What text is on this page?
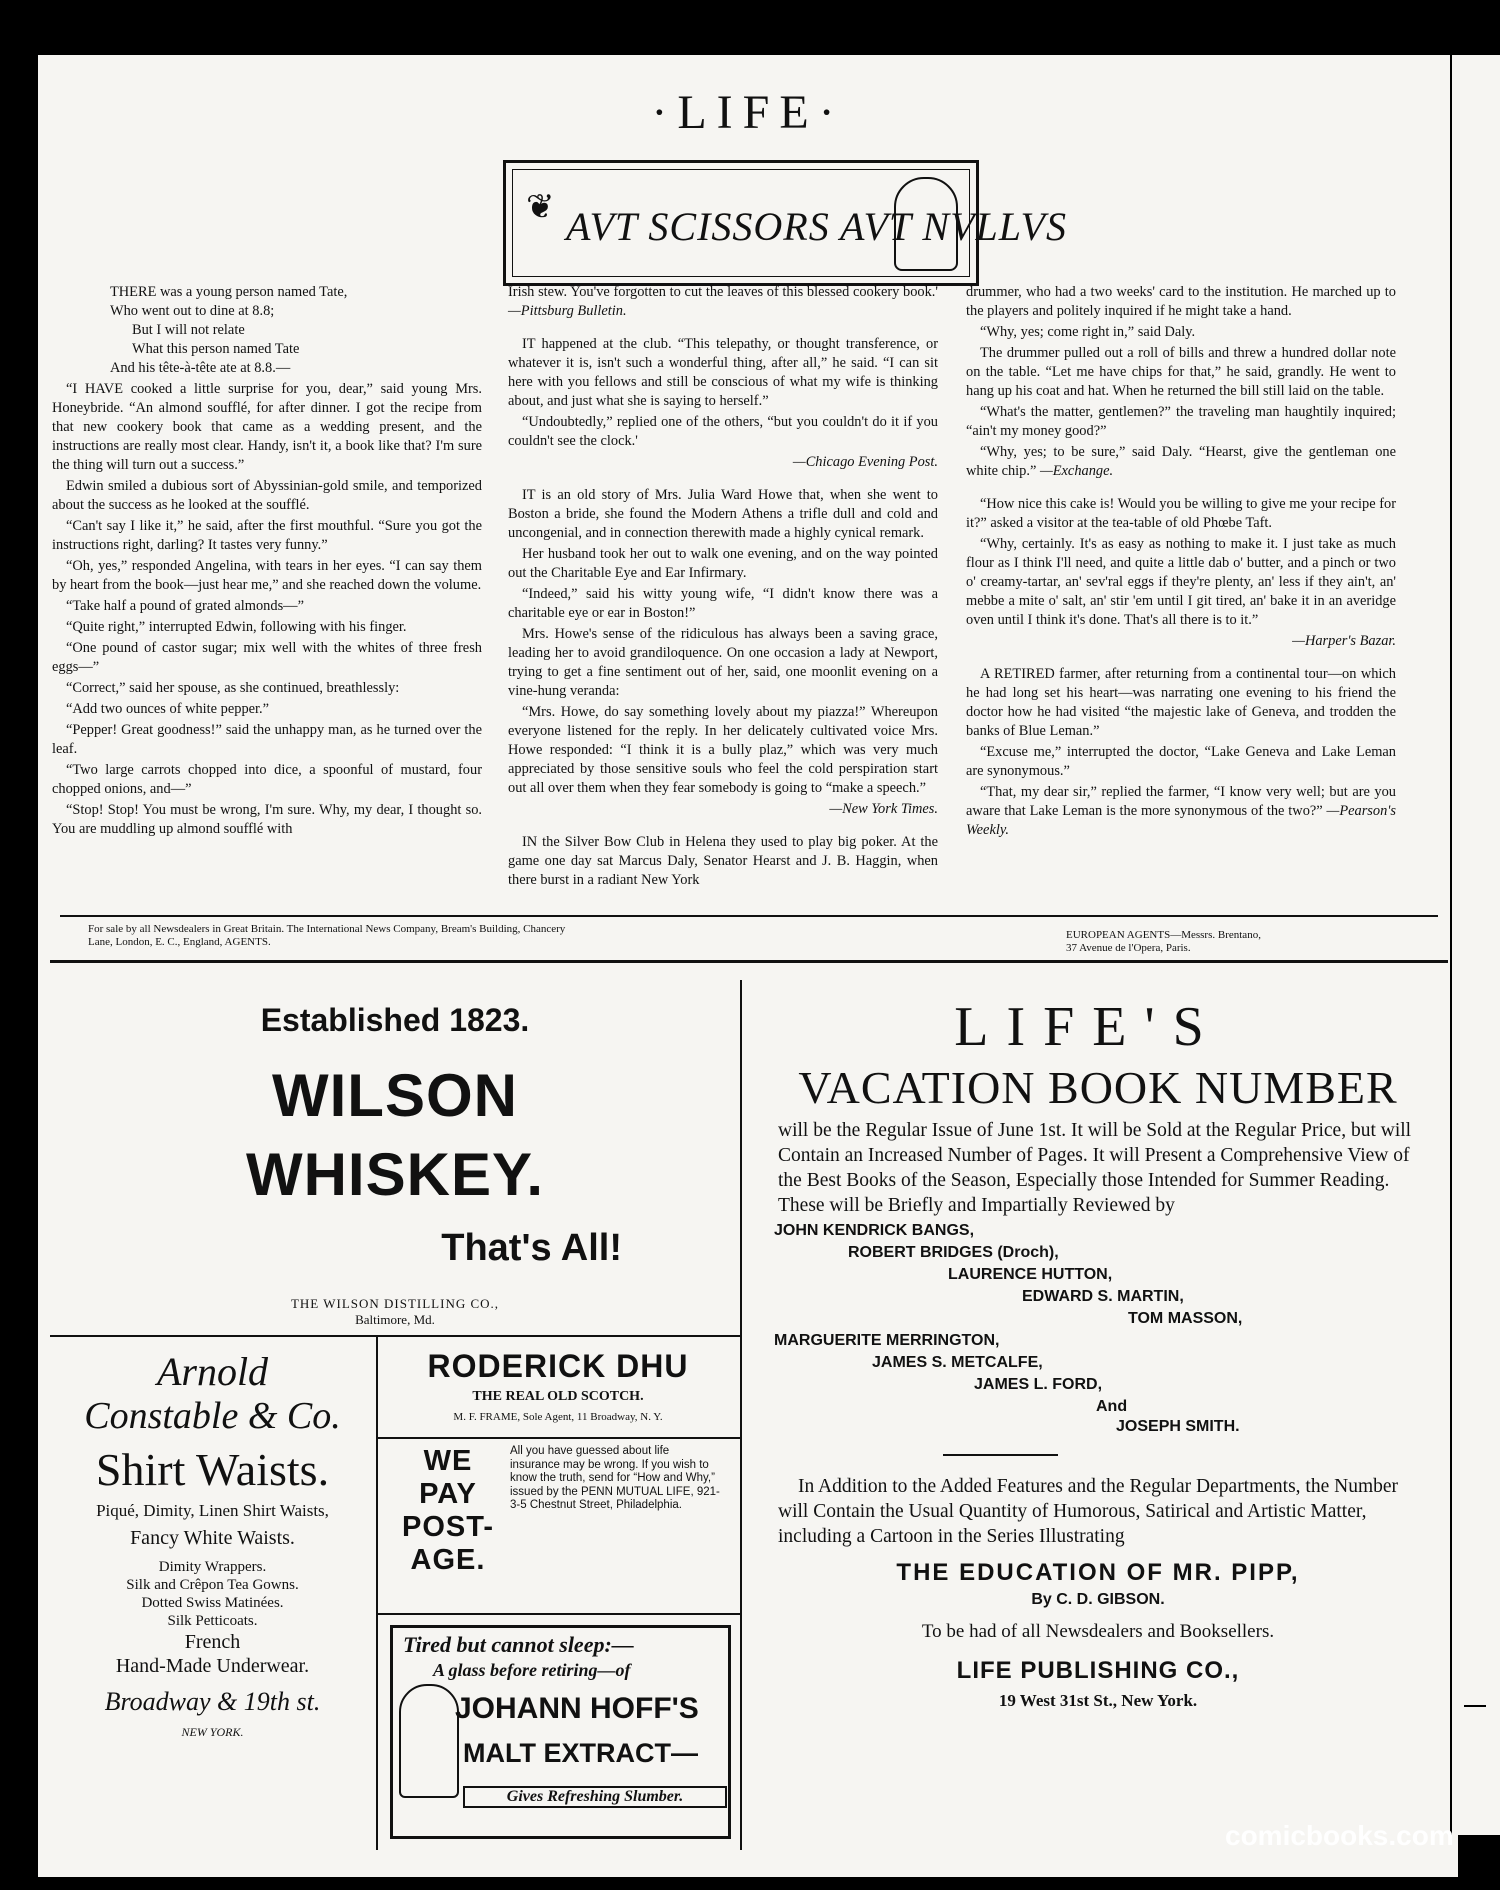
·LIFE·
❦ AVT SCISSORS AVT NVLLVS

THERE was a young person named Tate,
Who went out to dine at 8.8;
But I will not relate
What this person named Tate
And his tête-à-tête ate at 8.8.—

“I HAVE cooked a little surprise for you, dear,” said young Mrs. Honeybride. “An almond soufflé, for after dinner. I got the recipe from that new cookery book that came as a wedding present, and the instructions are really most clear. Handy, isn't it, a book like that? I'm sure the thing will turn out a success.”

Edwin smiled a dubious sort of Abyssinian-gold smile, and temporized about the success as he looked at the soufflé.

“Can't say I like it,” he said, after the first mouthful. “Sure you got the instructions right, darling? It tastes very funny.”

“Oh, yes,” responded Angelina, with tears in her eyes. “I can say them by heart from the book—just hear me,” and she reached down the volume.

“Take half a pound of grated almonds—”

“Quite right,” interrupted Edwin, following with his finger.

“One pound of castor sugar; mix well with the whites of three fresh eggs—”

“Correct,” said her spouse, as she continued, breathlessly:

“Add two ounces of white pepper.”

“Pepper! Great goodness!” said the unhappy man, as he turned over the leaf.

“Two large carrots chopped into dice, a spoonful of mustard, four chopped onions, and—”

“Stop! Stop! You must be wrong, I'm sure. Why, my dear, I thought so. You are muddling up almond soufflé with

Irish stew. You've forgotten to cut the leaves of this blessed cookery book.' —Pittsburg Bulletin.

IT happened at the club. “This telepathy, or thought transference, or whatever it is, isn't such a wonderful thing, after all,” he said. “I can sit here with you fellows and still be conscious of what my wife is thinking about, and just what she is saying to herself.”

“Undoubtedly,” replied one of the others, “but you couldn't do it if you couldn't see the clock.'

—Chicago Evening Post.

IT is an old story of Mrs. Julia Ward Howe that, when she went to Boston a bride, she found the Modern Athens a trifle dull and cold and uncongenial, and in connection therewith made a highly cynical remark.

Her husband took her out to walk one evening, and on the way pointed out the Charitable Eye and Ear Infirmary.

“Indeed,” said his witty young wife, “I didn't know there was a charitable eye or ear in Boston!”

Mrs. Howe's sense of the ridiculous has always been a saving grace, leading her to avoid grandiloquence. On one occasion a lady at Newport, trying to get a fine sentiment out of her, said, one moonlit evening on a vine-hung veranda:

“Mrs. Howe, do say something lovely about my piazza!” Whereupon everyone listened for the reply. In her delicately cultivated voice Mrs. Howe responded: “I think it is a bully plaz,” which was very much appreciated by those sensitive souls who feel the cold perspiration start out all over them when they fear somebody is going to “make a speech.”

—New York Times.

IN the Silver Bow Club in Helena they used to play big poker. At the game one day sat Marcus Daly, Senator Hearst and J. B. Haggin, when there burst in a radiant New York

drummer, who had a two weeks' card to the institution. He marched up to the players and politely inquired if he might take a hand.

“Why, yes; come right in,” said Daly.

The drummer pulled out a roll of bills and threw a hundred dollar note on the table. “Let me have chips for that,” he said, grandly. He went to hang up his coat and hat. When he returned the bill still laid on the table.

“What's the matter, gentlemen?” the traveling man haughtily inquired; “ain't my money good?”

“Why, yes; to be sure,” said Daly. “Hearst, give the gentleman one white chip.” —Exchange.

“How nice this cake is! Would you be willing to give me your recipe for it?” asked a visitor at the tea-table of old Phœbe Taft.

“Why, certainly. It's as easy as nothing to make it. I just take as much flour as I think I'll need, and quite a little dab o' butter, and a pinch or two o' creamy-tartar, an' sev'ral eggs if they're plenty, an' less if they ain't, an' mebbe a mite o' salt, an' stir 'em until I git tired, an' bake it in an averidge oven until I think it's done. That's all there is to it.”

—Harper's Bazar.

A RETIRED farmer, after returning from a continental tour—on which he had long set his heart—was narrating one evening to his friend the doctor how he had visited “the majestic lake of Geneva, and trodden the banks of Blue Leman.”

“Excuse me,” interrupted the doctor, “Lake Geneva and Lake Leman are synonymous.”

“That, my dear sir,” replied the farmer, “I know very well; but are you aware that Lake Leman is the more synonymous of the two?” —Pearson's Weekly.

For sale by all Newsdealers in Great Britain. The International News Company, Bream's Building, Chancery Lane, London, E. C., England, AGENTS.
EUROPEAN AGENTS—Messrs. Brentano,
37 Avenue de l'Opera, Paris.
Established 1823.
WILSON
WHISKEY.
That's All!
THE WILSON DISTILLING CO.,
Baltimore, Md.
Arnold
Constable & Co.
Shirt Waists.
Piqué, Dimity, Linen Shirt Waists,
Fancy White Waists.
Dimity Wrappers.
Silk and Crêpon Tea Gowns.
Dotted Swiss Matinées.
Silk Petticoats.
French
Hand-Made Underwear.
Broadway & 19th st.
NEW YORK.
RODERICK DHU
THE REAL OLD SCOTCH.
M. F. FRAME, Sole Agent, 11 Broadway, N. Y.
WE
PAY
POST-
AGE.
All you have guessed about life insurance may be wrong. If you wish to know the truth, send for “How and Why,” issued by the PENN MUTUAL LIFE, 921-3-5 Chestnut Street, Philadelphia.
Tired but cannot sleep:—
A glass before retiring—of
JOHANN HOFF'S
MALT EXTRACT—
Gives Refreshing Slumber.
LIFE'S
VACATION BOOK NUMBER
will be the Regular Issue of June 1st. It will be Sold at the Regular Price, but will Contain an Increased Number of Pages. It will Present a Comprehensive View of the Best Books of the Season, Especially those Intended for Summer Reading. These will be Briefly and Impartially Reviewed by
JOHN KENDRICK BANGS,
ROBERT BRIDGES (Droch),
LAURENCE HUTTON,
EDWARD S. MARTIN,
TOM MASSON,
MARGUERITE MERRINGTON,
JAMES S. METCALFE,
JAMES L. FORD,
And
JOSEPH SMITH.
In Addition to the Added Features and the Regular Departments, the Number will Contain the Usual Quantity of Humorous, Satirical and Artistic Matter, including a Cartoon in the Series Illustrating
THE EDUCATION OF MR. PIPP,
By C. D. GIBSON.
To be had of all Newsdealers and Booksellers.
LIFE PUBLISHING CO.,
19 West 31st St., New York.
comicbooks.com
